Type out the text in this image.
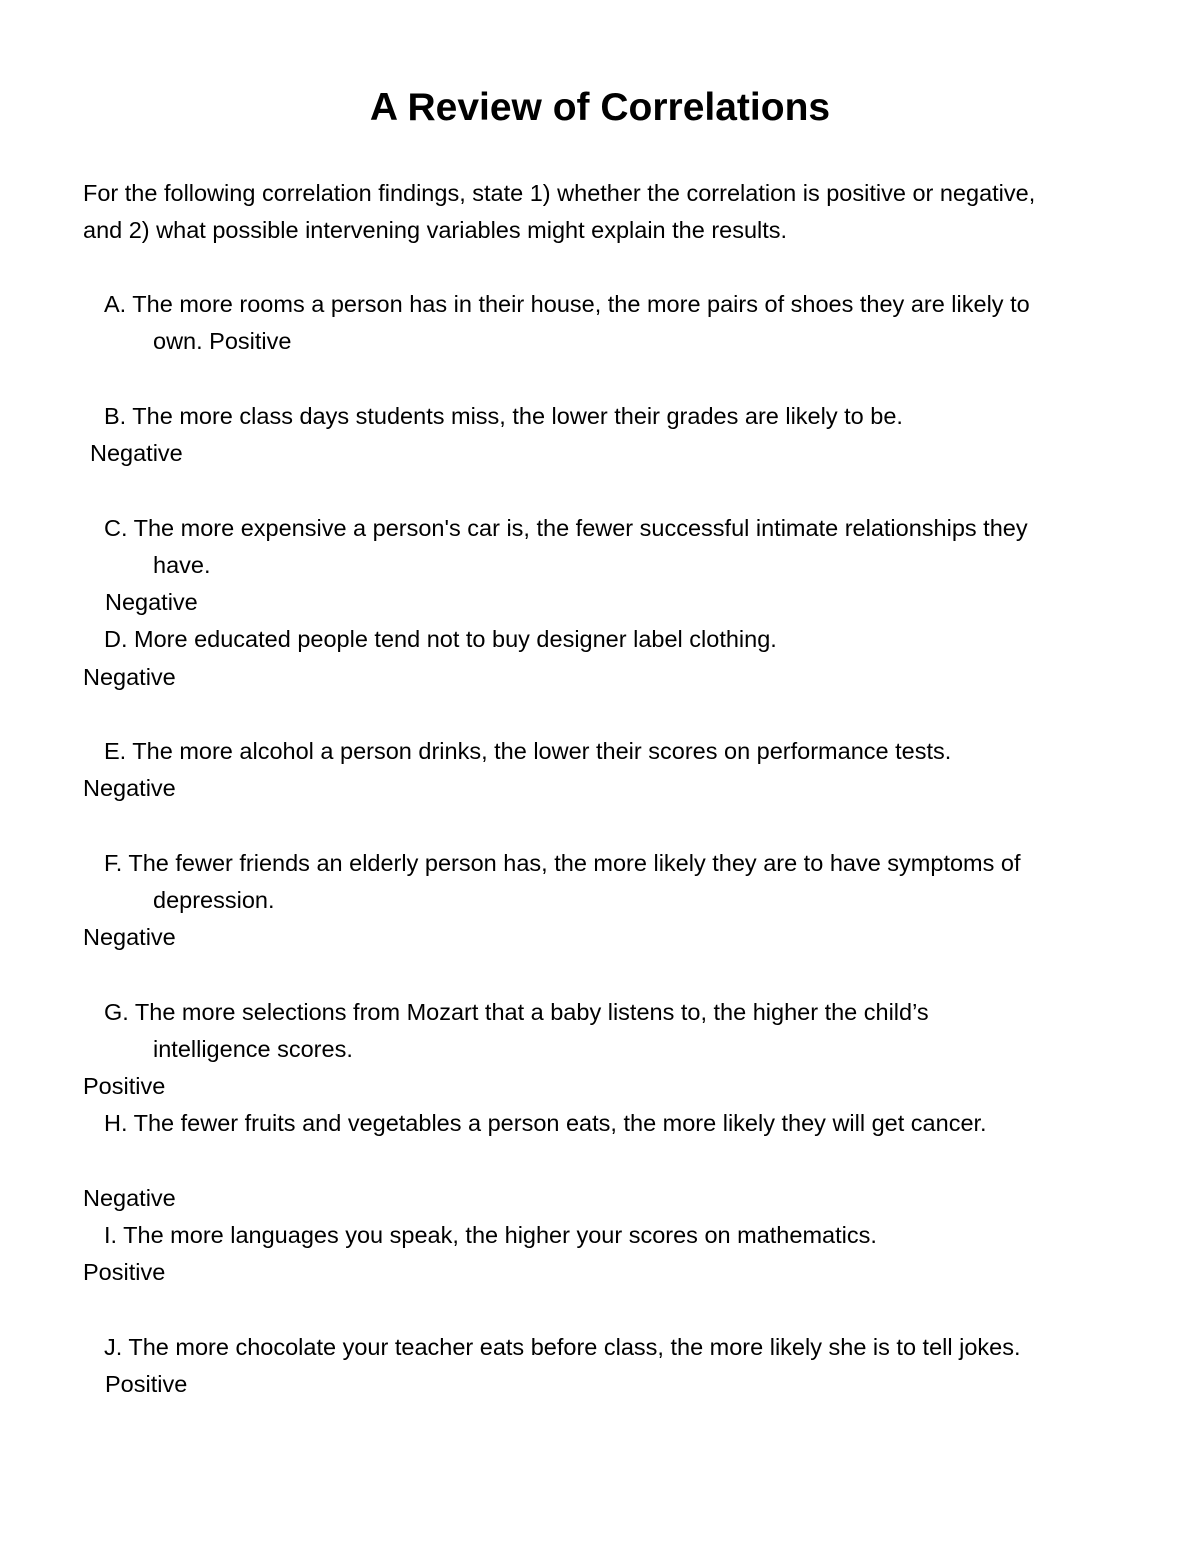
A Review of Correlations
For the following correlation findings, state 1) whether the correlation is positive or negative,
and 2) what possible intervening variables might explain the results.
A. The more rooms a person has in their house, the more pairs of shoes they are likely to
own. Positive
B. The more class days students miss, the lower their grades are likely to be.
Negative
C. The more expensive a person's car is, the fewer successful intimate relationships they
have.
Negative
D. More educated people tend not to buy designer label clothing.
Negative
E. The more alcohol a person drinks, the lower their scores on performance tests.
Negative
F. The fewer friends an elderly person has, the more likely they are to have symptoms of
depression.
Negative
G. The more selections from Mozart that a baby listens to, the higher the child’s
intelligence scores.
Positive
H. The fewer fruits and vegetables a person eats, the more likely they will get cancer.
Negative
I. The more languages you speak, the higher your scores on mathematics.
Positive
J. The more chocolate your teacher eats before class, the more likely she is to tell jokes.
Positive
